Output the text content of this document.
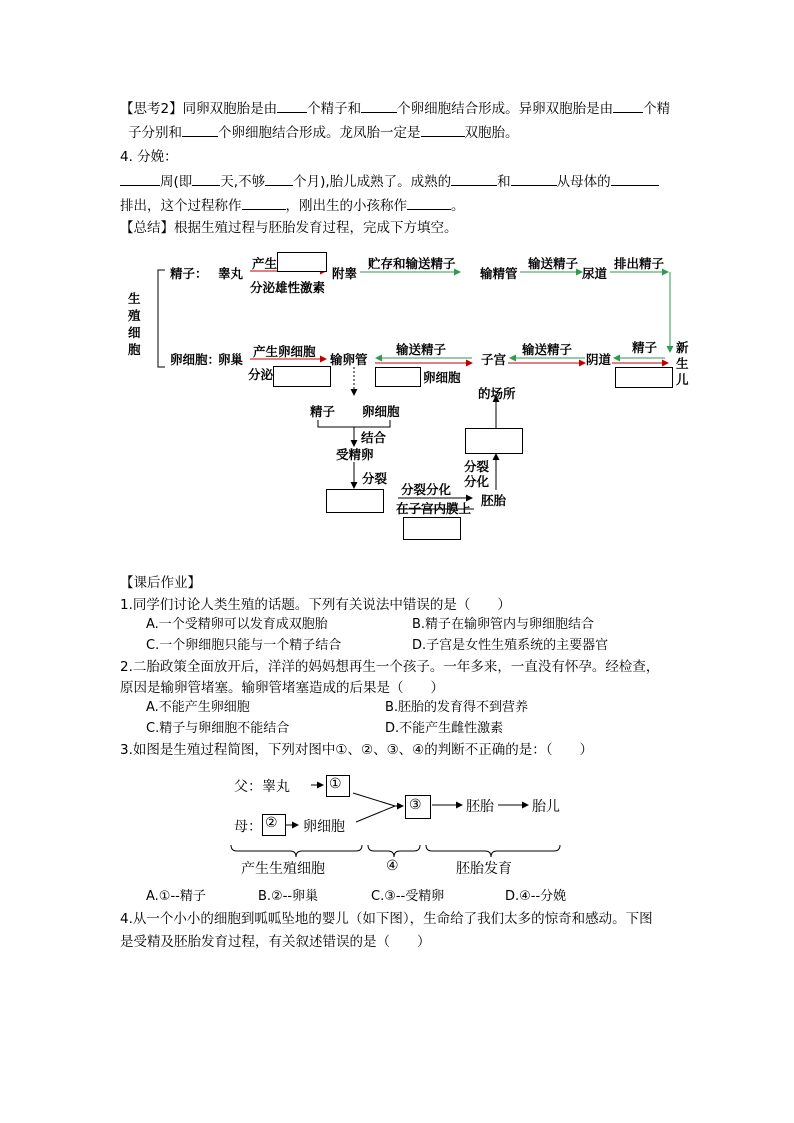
【思考2】同卵双胞胎是由 个精子和	个卵细胞结合形成。异卵双胞胎是由 个精
子分别和	个卵细胞结合形成。龙凤胎一定是	双胞胎。
4. 分娩：
周(即 天,不够 个月),胎儿成熟了。成熟的	和	从母体的
排出，这个过程称作	，刚出生的小孩称作	。
【总结】根据生殖过程与胚胎发育过程，完成下方填空。
生
殖
细
胞
精子： 睾丸
产生
附睾
分泌雄性激素
贮存和输送精子
输精管
输送精子
尿道
排出精子
卵细胞：
卵巢
产生卵细胞
分泌
输卵管
输送精子
卵细胞
子宫
输送精子
阴道
精子 新
生
儿
的场所
精子 卵细胞
结合
受精卵
分裂
分裂分化
在子宫内膜上
胚胎
分裂
分化
【课后作业】
1.同学们讨论人类生殖的话题。下列有关说法中错误的是（　　）
A.一个受精卵可以发育成双胞胎	B.精子在输卵管内与卵细胞结合
C.一个卵细胞只能与一个精子结合	D.子宫是女性生殖系统的主要器官
2.二胎政策全面放开后，洋洋的妈妈想再生一个孩子。一年多来，一直没有怀孕。经检查，
原因是输卵管堵塞。输卵管堵塞造成的后果是（　　）
A.不能产生卵细胞	B.胚胎的发育得不到营养
C.精子与卵细胞不能结合	D.不能产生雌性激素
3.如图是生殖过程简图，下列对图中①、②、③、④的判断不正确的是：（　　）
父：睾丸	①
母： ② 卵细胞
③	胚胎	胎儿
产生生殖细胞	④	胚胎发育
A.①--精子	B.②--卵巢	C.③--受精卵	D.④--分娩
4.从一个小小的细胞到呱呱坠地的婴儿（如下图），生命给了我们太多的惊奇和感动。下图
是受精及胚胎发育过程，有关叙述错误的是（　　）
